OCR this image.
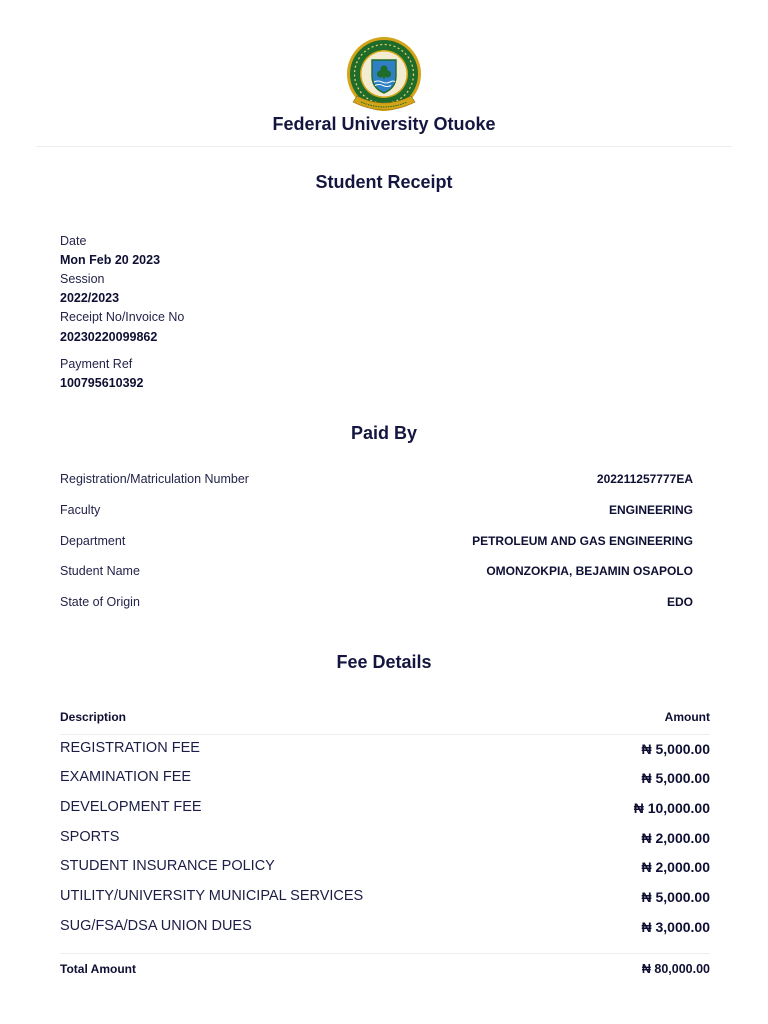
Federal University Otuoke
Student Receipt
Date
Mon Feb 20 2023
Session
2022/2023
Receipt No/Invoice No
20230220099862
Payment Ref
100795610392
Paid By
Registration/Matriculation Number	202211257777EA
Faculty	ENGINEERING
Department	PETROLEUM AND GAS ENGINEERING
Student Name	OMONZOKPIA, BEJAMIN OSAPOLO
State of Origin	EDO
Fee Details
Description	Amount
REGISTRATION FEE	₦ 5,000.00
EXAMINATION FEE	₦ 5,000.00
DEVELOPMENT FEE	₦ 10,000.00
SPORTS	₦ 2,000.00
STUDENT INSURANCE POLICY	₦ 2,000.00
UTILITY/UNIVERSITY MUNICIPAL SERVICES	₦ 5,000.00
SUG/FSA/DSA UNION DUES	₦ 3,000.00
Total Amount	₦ 80,000.00
